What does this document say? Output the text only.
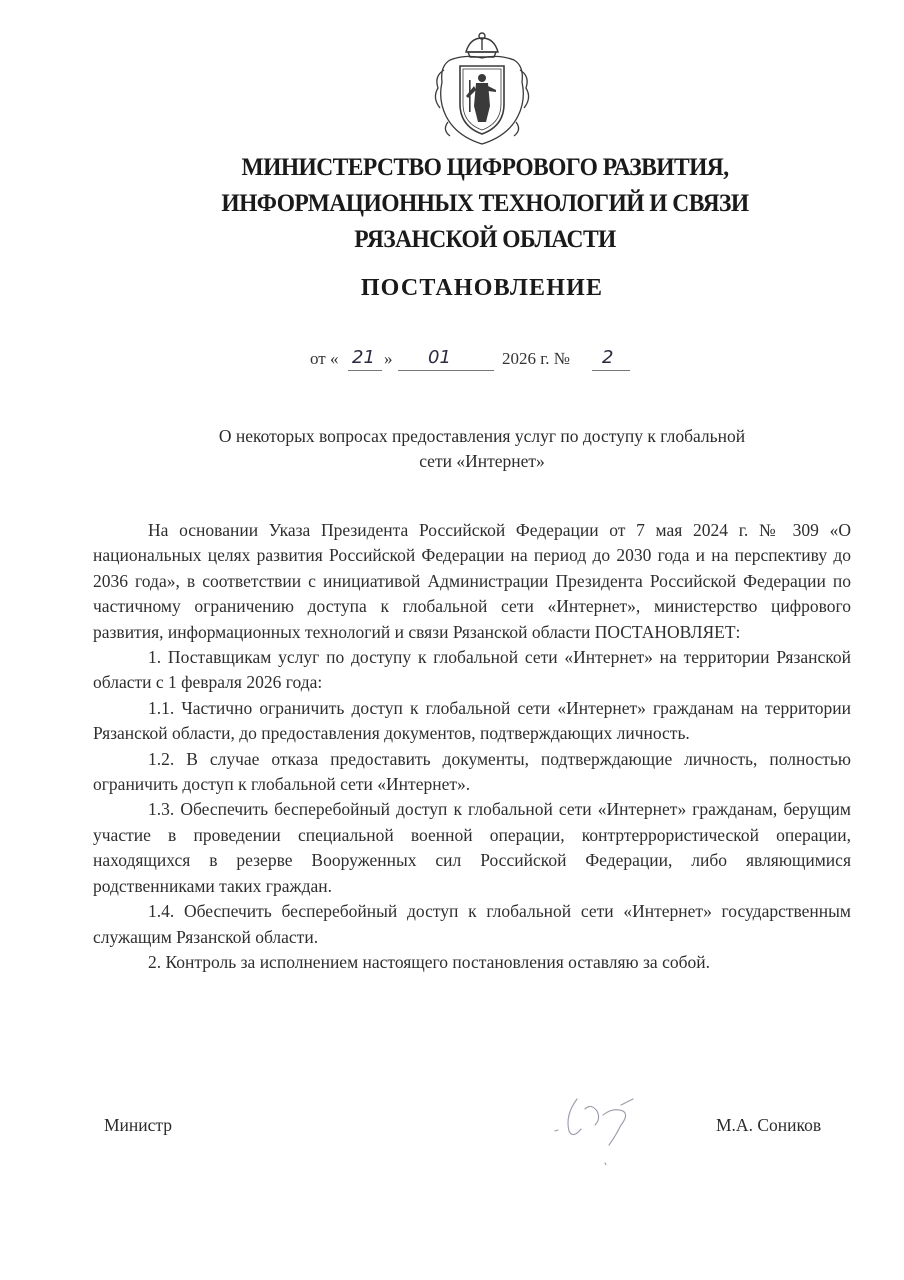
МИНИСТЕРСТВО ЦИФРОВОГО РАЗВИТИЯ,
ИНФОРМАЦИОННЫХ ТЕХНОЛОГИЙ И СВЯЗИ
РЯЗАНСКОЙ ОБЛАСТИ
ПОСТАНОВЛЕНИЕ
от « 21 » 01	2026 г. № 2
О некоторых вопросах предоставления услуг по доступу к глобальной
сети «Интернет»

На основании Указа Президента Российской Федерации от 7 мая 2024 г. № 309 «О национальных целях развития Российской Федерации на период до 2030 года и на перспективу до 2036 года», в соответствии с инициативой Администрации Президента Российской Федерации по частичному ограничению доступа к глобальной сети «Интернет», министерство цифрового развития, информационных технологий и связи Рязанской области ПОСТАНОВЛЯЕТ:

1. Поставщикам услуг по доступу к глобальной сети «Интернет» на территории Рязанской области с 1 февраля 2026 года:

1.1. Частично ограничить доступ к глобальной сети «Интернет» гражданам на территории Рязанской области, до предоставления документов, подтверждающих личность.

1.2. В случае отказа предоставить документы, подтверждающие личность, полностью ограничить доступ к глобальной сети «Интернет».

1.3. Обеспечить бесперебойный доступ к глобальной сети «Интернет» гражданам, берущим участие в проведении специальной военной операции, контртеррористической операции, находящихся в резерве Вооруженных сил Российской Федерации, либо являющимися родственниками таких граждан.

1.4. Обеспечить бесперебойный доступ к глобальной сети «Интернет» государственным служащим Рязанской области.

2. Контроль за исполнением настоящего постановления оставляю за собой.

Министр	М.А. Соников
